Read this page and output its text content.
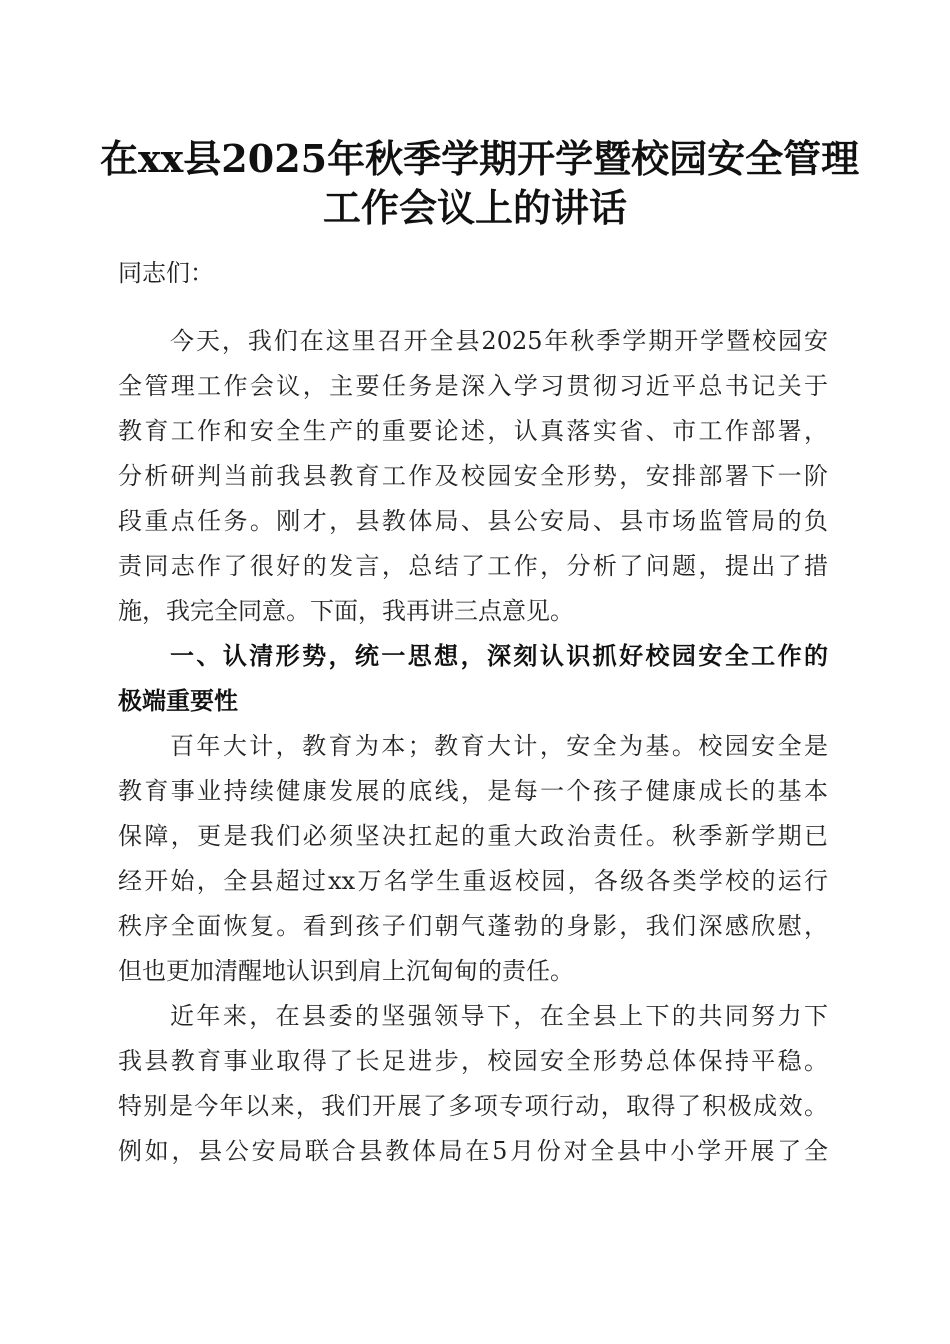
在xx县2025年秋季学期开学暨校园安全管理
工作会议上的讲话

同志们：

今天，我们在这里召开全县2025年秋季学期开学暨校园安

全管理工作会议，主要任务是深入学习贯彻习近平总书记关于

教育工作和安全生产的重要论述，认真落实省、市工作部署，

分析研判当前我县教育工作及校园安全形势，安排部署下一阶

段重点任务。刚才，县教体局、县公安局、县市场监管局的负

责同志作了很好的发言，总结了工作，分析了问题，提出了措

施，我完全同意。下面，我再讲三点意见。

一、认清形势，统一思想，深刻认识抓好校园安全工作的

极端重要性

百年大计，教育为本；教育大计，安全为基。校园安全是

教育事业持续健康发展的底线，是每一个孩子健康成长的基本

保障，更是我们必须坚决扛起的重大政治责任。秋季新学期已

经开始，全县超过xx万名学生重返校园，各级各类学校的运行

秩序全面恢复。看到孩子们朝气蓬勃的身影，我们深感欣慰，

但也更加清醒地认识到肩上沉甸甸的责任。

近年来，在县委的坚强领导下，在全县上下的共同努力下

我县教育事业取得了长足进步，校园安全形势总体保持平稳。

特别是今年以来，我们开展了多项专项行动，取得了积极成效。

例如，县公安局联合县教体局在5月份对全县中小学开展了全
